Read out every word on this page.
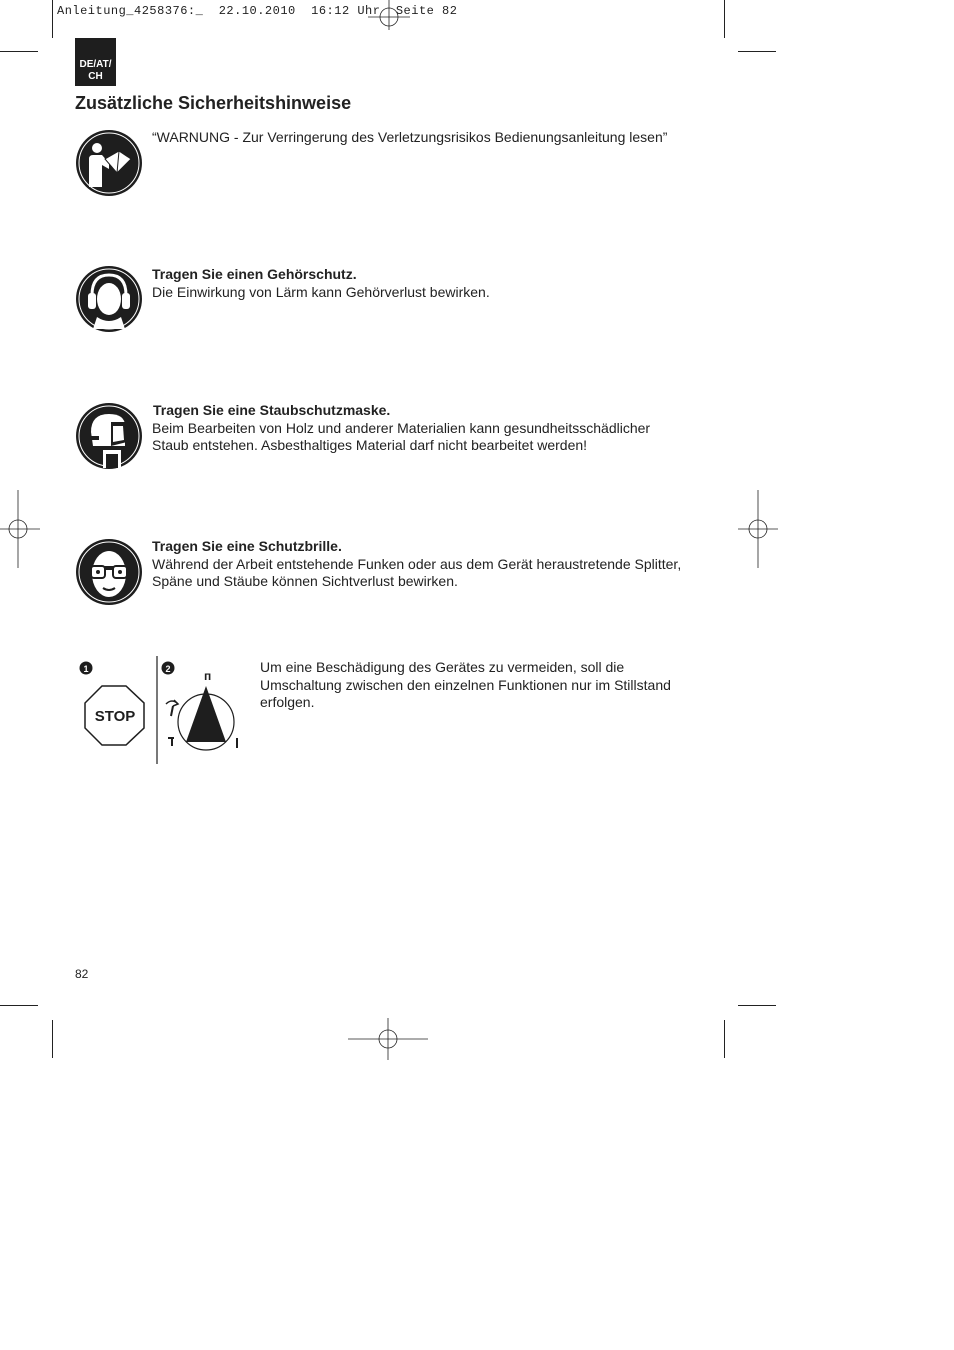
Anleitung_4258376:_  22.10.2010  16:12 Uhr  Seite 82
DE/AT/ CH
Zusätzliche Sicherheitshinweise
“WARNUNG - Zur Verringerung des Verletzungsrisikos Bedienungsanleitung lesen”
Tragen Sie einen Gehörschutz.
Die Einwirkung von Lärm kann Gehörverlust bewirken.
Tragen Sie eine Staubschutzmaske.
Beim Bearbeiten von Holz und anderer Materialien kann gesundheitsschädlicher
Staub entstehen. Asbesthaltiges Material darf nicht bearbeitet werden!
Tragen Sie eine Schutzbrille.
Während der Arbeit entstehende Funken oder aus dem Gerät heraustretende Splitter,
Späne und Stäube können Sichtverlust bewirken.
1
STOP
2	ᴨ
Um eine Beschädigung des Gerätes zu vermeiden, soll die
Umschaltung zwischen den einzelnen Funktionen nur im Stillstand
erfolgen.
82
